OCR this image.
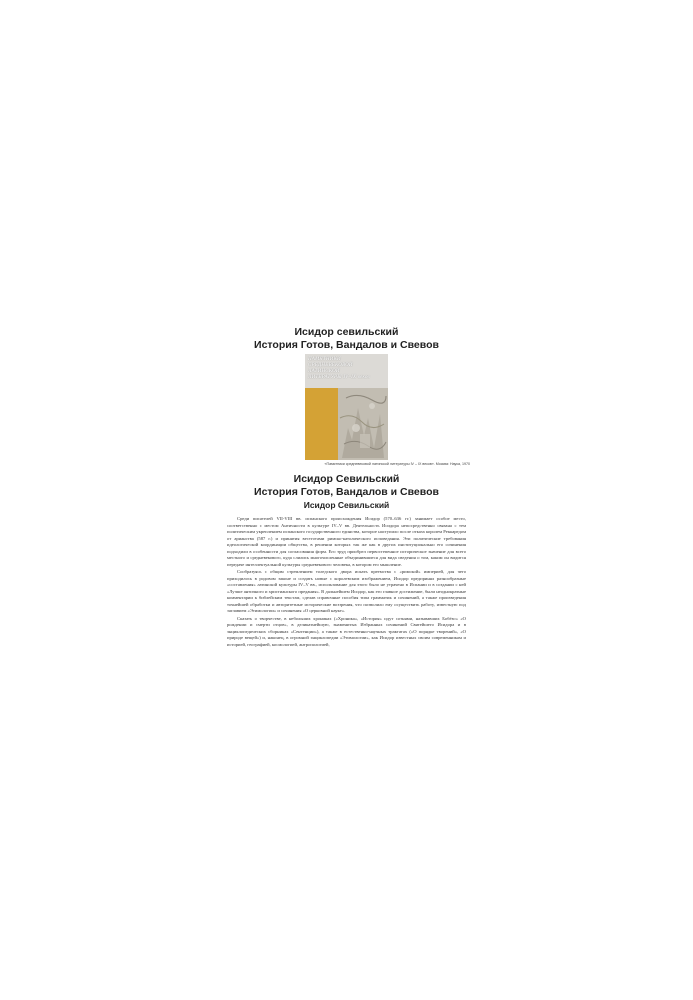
Исидор севильский
История Готов, Вандалов и Свевов
ПАМЯТНИКИ
СРЕДНЕВЕКОВОЙ
ЛАТИНСКОЙ
ЛИТЕРАТУРЫ IV–IX веков
«Памятники средневековой латинской литературы IV – IX веков». Москва: Наука, 1970
Исидор Севильский
История Готов, Вандалов и Свевов
Исидор Севильский

Среди писателей VII-VIII вв. испанского происхождения Исидор (570–636 гг.) занимает особое место, соответственно с местом Античности в культуре IV–V вв. Деятельность Исидора непосредственно связана с тем политическим укреплением испанского государственного единства, которое наступило после отказа королем Реккаредом от арианства (587 г.) и принятия вестготами римско-католического исповедания. Эти политические требования идеологической координации общества, в решении которых так же как в других институционально его сочинения подходили в особенности для согласования форм. Его труд приобрел первостепенное историческое значение для всего местного и средневекового, куда слились многочисленные объединившиеся для вида сведения о том, каким он видится передаче интеллектуальной культуры средневекового человека, в котором его мышление.

Сообразуясь с общим стремлением толедского двора искать преемства с «римской» империей, для чего приходилось в родовом законе и создать новые с королевским изображением, Исидор предпринял разнообразные «составления» латинской культуры IV–V вв., использование для этого было не утрачено в Испании и в создании с ней «Лучше античного и христианского предания». В дальнейшем Исидор, как его главное достижение, были неоднократные комментарии к библейским текстам, сделав справочные пособия типа грамматик и сочинений, а также произведения точнейшей обработки и авторитетные исторические воззрения, что позволило ему осуществить работу, известную под заглавием «Этимологии» и сочинения «О церковной науке».

Сказать о творчестве, в небольших хрониках («Хроника», «История» идут сотнями, называвших Бобёзо» «О рождении и смерти отцов», в деликатнейшую, знаменитых Избранных сочинений Святейшего Исидора и в энциклопедических сборниках «Сентенции»), а также в естественно-научных трактатах («О порядке творений», «О природе вещей») и, наконец, в огромной энциклопедии «Этимологии», как Исидор известных своим современникам и историей, географией, космологией, антропологией,
